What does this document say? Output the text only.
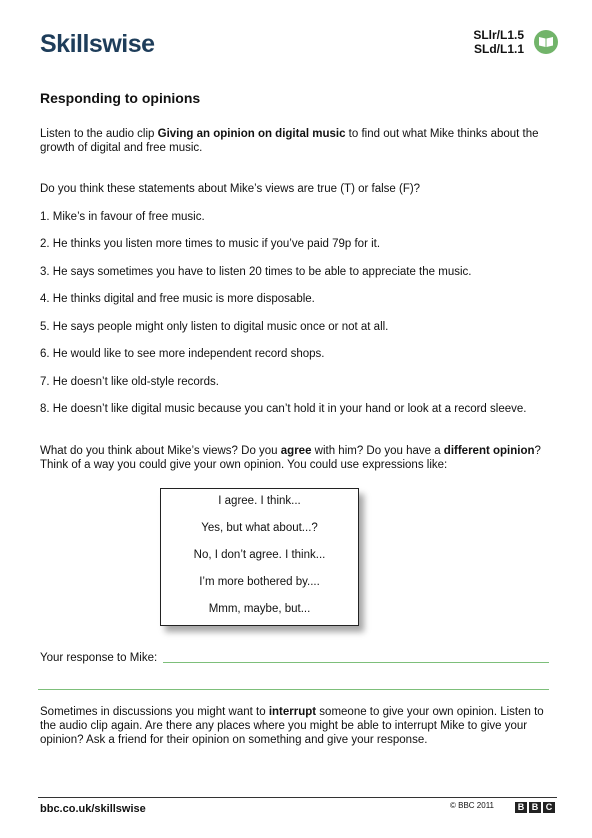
Skillswise	SLlr/L1.5
SLd/L1.1
Responding to opinions
Listen to the audio clip Giving an opinion on digital music to find out what Mike thinks about the growth of digital and free music.
Do you think these statements about Mike’s views are true (T) or false (F)?
1. Mike’s in favour of free music.
2. He thinks you listen more times to music if you’ve paid 79p for it.
3. He says sometimes you have to listen 20 times to be able to appreciate the music.
4. He thinks digital and free music is more disposable.
5. He says people might only listen to digital music once or not at all.
6. He would like to see more independent record shops.
7. He doesn’t like old-style records.
8. He doesn’t like digital music because you can’t hold it in your hand or look at a record sleeve.
What do you think about Mike’s views? Do you agree with him? Do you have a different opinion? Think of a way you could give your own opinion. You could use expressions like:
I agree. I think...
Yes, but what about...?
No, I don’t agree. I think...
I’m more bothered by....
Mmm, maybe, but...
Your response to Mike:
Sometimes in discussions you might want to interrupt someone to give your own opinion. Listen to the audio clip again. Are there any places where you might be able to interrupt Mike to give your opinion? Ask a friend for their opinion on something and give your response.
bbc.co.uk/skillswise	© BBC 2011	B B C
